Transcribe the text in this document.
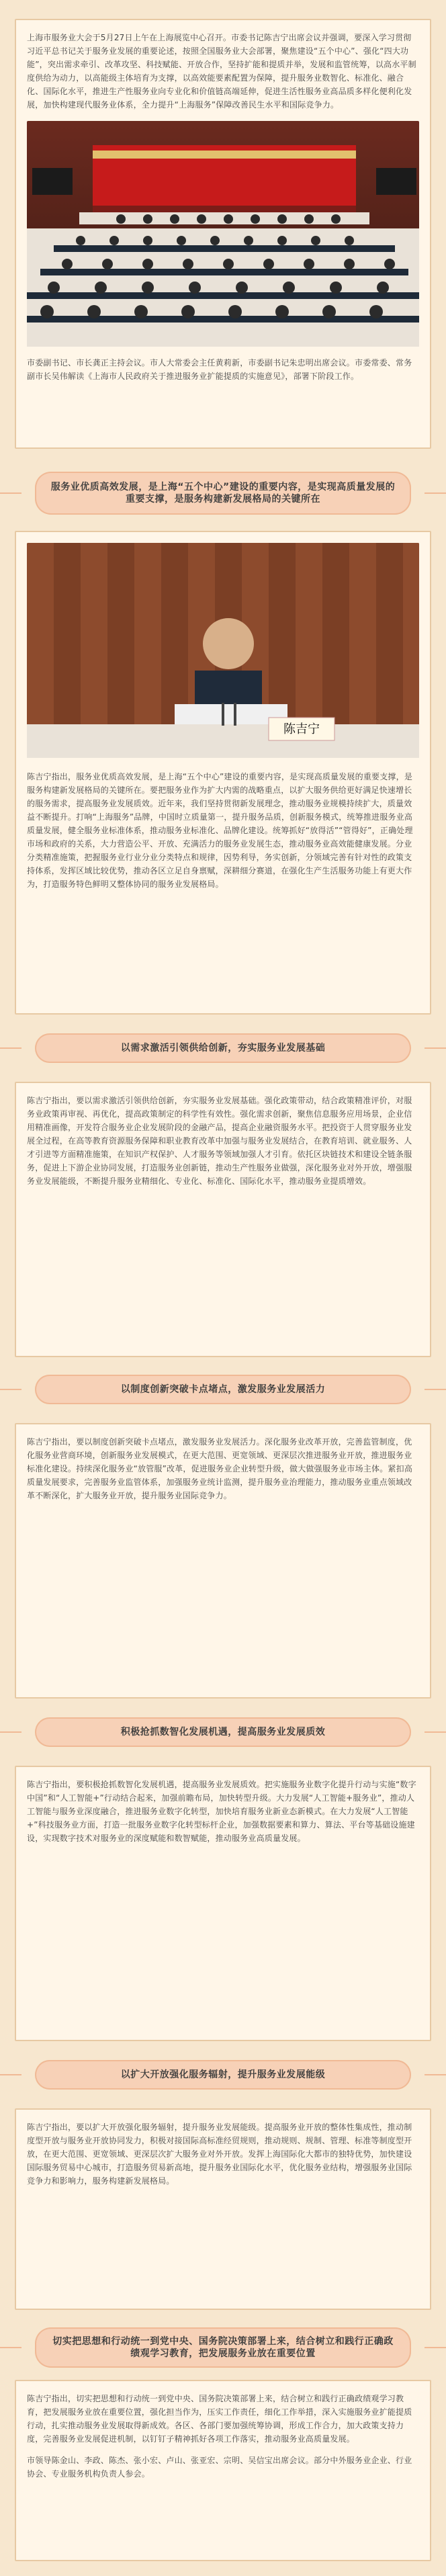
上海市服务业大会于5月27日上午在上海展览中心召开。市委书记陈吉宁出席会议并强调，要深入学习贯彻习近平总书记关于服务业发展的重要论述，按照全国服务业大会部署，聚焦建设“五个中心”、强化“四大功能”，突出需求牵引、改革攻坚、科技赋能、开放合作，坚持扩能和提质并举，发展和监管统筹，以高水平制度供给为动力，以高能级主体培育为支撑，以高效能要素配置为保障，提升服务业数智化、标准化、融合化、国际化水平，推进生产性服务业向专业化和价值链高端延伸，促进生活性服务业高品质多样化便利化发展，加快构建现代服务业体系，全力提升“上海服务”保障改善民生水平和国际竞争力。

市委副书记、市长龚正主持会议。市人大常委会主任黄莉新，市委副书记朱忠明出席会议。市委常委、常务副市长吴伟解读《上海市人民政府关于推进服务业扩能提质的实施意见》，部署下阶段工作。

服务业优质高效发展，是上海“五个中心”建设的重要内容，是实现高质量发展的重要支撑，是服务构建新发展格局的关键所在
陈吉宁

陈吉宁指出，服务业优质高效发展，是上海“五个中心”建设的重要内容，是实现高质量发展的重要支撑，是服务构建新发展格局的关键所在。要把服务业作为扩大内需的战略重点，以扩大服务供给更好满足快速增长的服务需求，提高服务业发展质效。近年来，我们坚持贯彻新发展理念，推动服务业规模持续扩大，质量效益不断提升。打响“上海服务”品牌，中国时立质量第一，提升服务品质，创新服务模式，统筹推进服务业高质量发展，健全服务业标准体系，推动服务业标准化、品牌化建设。统筹抓好“放得活”“管得好”，正确处理市场和政府的关系，大力营造公平、开放、充满活力的服务业发展生态，推动服务业高效能健康发展。分业分类精准施策，把握服务业行业分业分类特点和规律，因势利导，务实创新，分领域完善有针对性的政策支持体系，发挥区域比较优势，推动各区立足自身禀赋，深耕细分赛道，在强化生产生活服务功能上有更大作为，打造服务特色鲜明又整体协同的服务业发展格局。

以需求激活引领供给创新，夯实服务业发展基础

陈吉宁指出，要以需求激活引领供给创新，夯实服务业发展基础。强化政策带动，结合政策精准评价，对服务业政策再审视、再优化，提高政策制定的科学性有效性。强化需求创新，聚焦信息服务应用场景，企业信用精准画像，开发符合服务业企业发展阶段的金融产品，提高企业融资服务水平。把投资于人贯穿服务业发展全过程，在高等教育资源服务保障和职业教育改革中加强与服务业发展结合，在教育培训、就业服务、人才引进等方面精准施策，在知识产权保护、人才服务等领域加强人才引育。依托区块链技术和建设全链条服务，促进上下游企业协同发展，打造服务业创新链，推动生产性服务业做强，深化服务业对外开放，增强服务业发展能级，不断提升服务业精细化、专业化、标准化、国际化水平，推动服务业提质增效。

以制度创新突破卡点堵点，激发服务业发展活力

陈吉宁指出，要以制度创新突破卡点堵点，激发服务业发展活力。深化服务业改革开放，完善监管制度，优化服务业营商环境，创新服务业发展模式，在更大范围、更宽领域、更深层次推进服务业开放，推进服务业标准化建设。持续深化服务业“放管服”改革，促进服务业企业转型升级，做大做强服务业市场主体。紧扣高质量发展要求，完善服务业监管体系，加强服务业统计监测，提升服务业治理能力，推动服务业重点领域改革不断深化，扩大服务业开放，提升服务业国际竞争力。

积极抢抓数智化发展机遇，提高服务业发展质效

陈吉宁指出，要积极抢抓数智化发展机遇，提高服务业发展质效。把实施服务业数字化提升行动与实施“数字中国”和“人工智能+”行动结合起来，加强前瞻布局，加快转型升级。大力发展“人工智能+服务业”，推动人工智能与服务业深度融合，推进服务业数字化转型，加快培育服务业新业态新模式。在大力发展“人工智能+”科技服务业方面，打造一批服务业数字化转型标杆企业，加强数据要素和算力、算法、平台等基础设施建设，实现数字技术对服务业的深度赋能和数智赋能，推动服务业高质量发展。

以扩大开放强化服务辐射，提升服务业发展能级

陈吉宁指出，要以扩大开放强化服务辐射，提升服务业发展能级。提高服务业开放的整体性集成性，推动制度型开放与服务业开放协同发力，积极对接国际高标准经贸规则，推动规则、规制、管理、标准等制度型开放，在更大范围、更宽领域、更深层次扩大服务业对外开放。发挥上海国际化大都市的独特优势，加快建设国际服务贸易中心城市，打造服务贸易新高地，提升服务业国际化水平，优化服务业结构，增强服务业国际竞争力和影响力，服务构建新发展格局。

切实把思想和行动统一到党中央、国务院决策部署上来，结合树立和践行正确政绩观学习教育，把发展服务业放在重要位置

陈吉宁指出，切实把思想和行动统一到党中央、国务院决策部署上来，结合树立和践行正确政绩观学习教育，把发展服务业放在重要位置，强化担当作为，压实工作责任，细化工作举措，深入实施服务业扩能提质行动，扎实推动服务业发展取得新成效。各区、各部门要加强统筹协调，形成工作合力，加大政策支持力度，完善服务业发展促进机制，以钉钉子精神抓好各项工作落实，推动服务业高质量发展。

市领导陈金山、李政、陈杰、张小宏、卢山、张亚宏、宗明、吴信宝出席会议。部分中外服务业企业、行业协会、专业服务机构负责人参会。
